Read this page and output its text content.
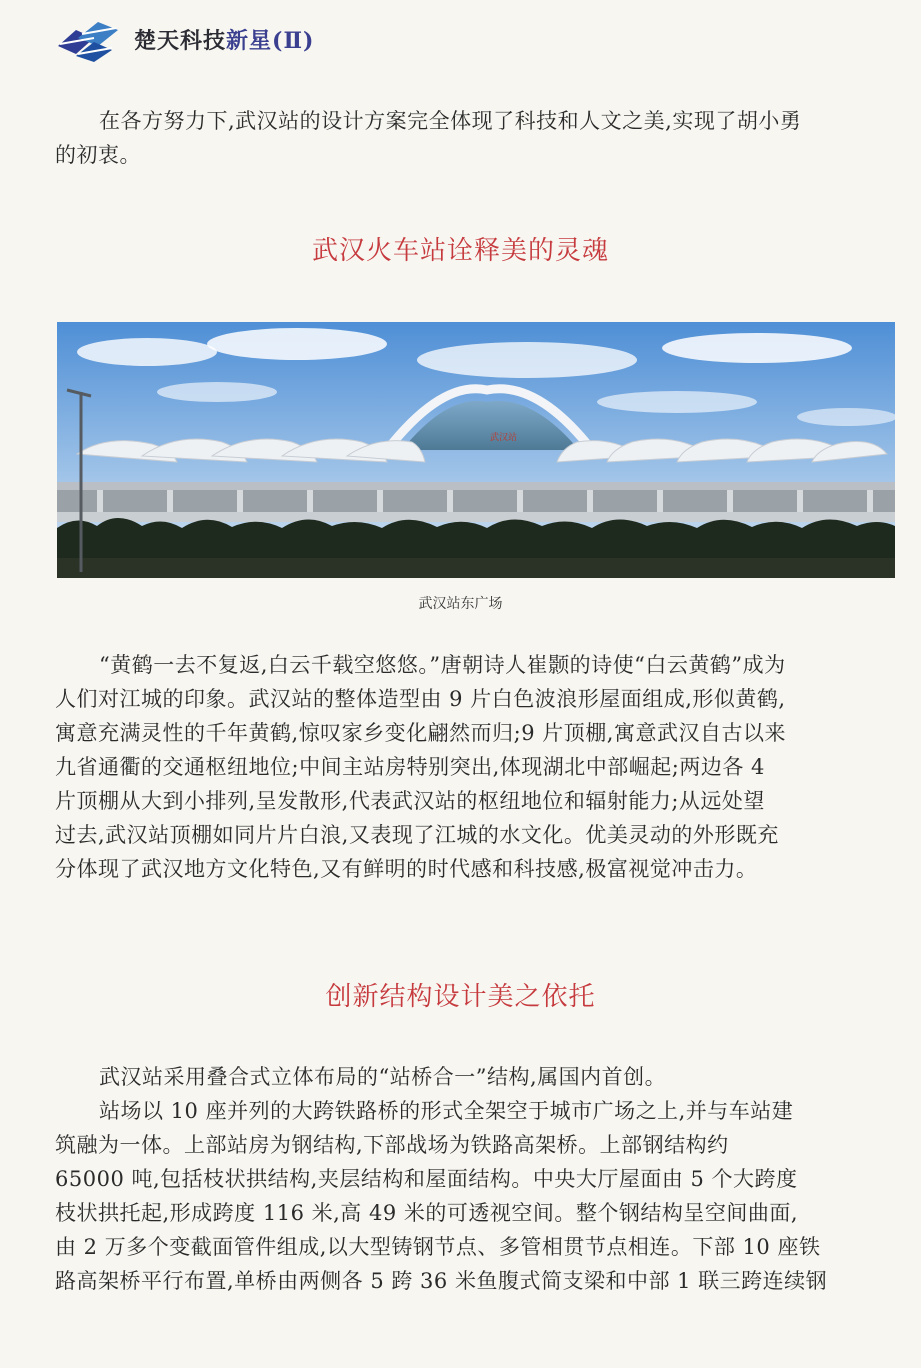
楚天科技新星(Ⅱ)
在各方努力下,武汉站的设计方案完全体现了科技和人文之美,实现了胡小勇
的初衷。
武汉火车站诠释美的灵魂
武汉站
武汉站东广场
“黄鹤一去不复返,白云千载空悠悠。”唐朝诗人崔颢的诗使“白云黄鹤”成为
人们对江城的印象。武汉站的整体造型由 9 片白色波浪形屋面组成,形似黄鹤,
寓意充满灵性的千年黄鹤,惊叹家乡变化翩然而归;9 片顶棚,寓意武汉自古以来
九省通衢的交通枢纽地位;中间主站房特别突出,体现湖北中部崛起;两边各 4
片顶棚从大到小排列,呈发散形,代表武汉站的枢纽地位和辐射能力;从远处望
过去,武汉站顶棚如同片片白浪,又表现了江城的水文化。优美灵动的外形既充
分体现了武汉地方文化特色,又有鲜明的时代感和科技感,极富视觉冲击力。
创新结构设计美之依托
武汉站采用叠合式立体布局的“站桥合一”结构,属国内首创。
站场以 10 座并列的大跨铁路桥的形式全架空于城市广场之上,并与车站建
筑融为一体。上部站房为钢结构,下部战场为铁路高架桥。上部钢结构约
65000 吨,包括枝状拱结构,夹层结构和屋面结构。中央大厅屋面由 5 个大跨度
枝状拱托起,形成跨度 116 米,高 49 米的可透视空间。整个钢结构呈空间曲面,
由 2 万多个变截面管件组成,以大型铸钢节点、多管相贯节点相连。下部 10 座铁
路高架桥平行布置,单桥由两侧各 5 跨 36 米鱼腹式简支梁和中部 1 联三跨连续钢
